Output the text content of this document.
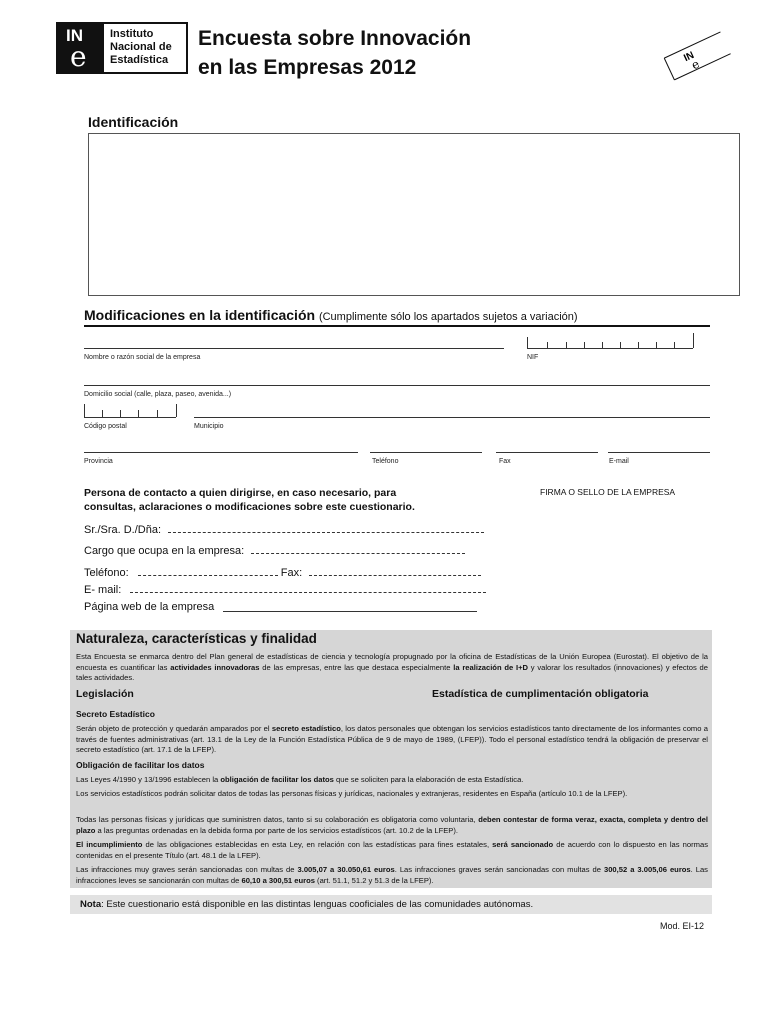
IN
e
Instituto
Nacional de
Estadística
Encuesta sobre Innovación
en las Empresas 2012	IN
e
Identificación
Modificaciones en la identificación (Cumplimente sólo los apartados sujetos a variación)
Nombre o razón social de la empresa	NIF
Domicilio social (calle, plaza, paseo, avenida...)
Código postal	Municipio
Provincia	Teléfono	Fax	E-mail
Persona de contacto a quien dirigirse, en caso necesario, para
consultas, aclaraciones o modificaciones sobre este cuestionario.
FIRMA O SELLO DE LA EMPRESA
Sr./Sra. D./Dña:
Cargo que ocupa en la empresa:
Teléfono:	Fax:
E- mail:
Página web de la empresa
Naturaleza, características y finalidad
Esta Encuesta se enmarca dentro del Plan general de estadísticas de ciencia y tecnología propugnado por la oficina de Estadísticas de la Unión Europea (Eurostat). El objetivo de la encuesta es cuantificar las actividades innovadoras de las empresas, entre las que destaca especialmente la realización de I+D y valorar los resultados (innovaciones) y efectos de tales actividades.
Legislación	Estadística de cumplimentación obligatoria
Secreto Estadístico
Serán objeto de protección y quedarán amparados por el secreto estadístico, los datos personales que obtengan los servicios estadísticos tanto directamente de los informantes como a través de fuentes administrativas (art. 13.1 de la Ley de la Función Estadística Pública de 9 de mayo de 1989, (LFEP)). Todo el personal estadístico tendrá la obligación de preservar el secreto estadístico (art. 17.1 de la LFEP).
Obligación de facilitar los datos
Las Leyes 4/1990 y 13/1996 establecen la obligación de facilitar los datos que se soliciten para la elaboración de esta Estadística.
Los servicios estadísticos podrán solicitar datos de todas las personas físicas y jurídicas, nacionales y extranjeras, residentes en España (artículo 10.1 de la LFEP).
Todas las personas físicas y jurídicas que suministren datos, tanto si su colaboración es obligatoria como voluntaria, deben contestar de forma veraz, exacta, completa y dentro del plazo a las preguntas ordenadas en la debida forma por parte de los servicios estadísticos (art. 10.2 de la LFEP).
El incumplimiento de las obligaciones establecidas en esta Ley, en relación con las estadísticas para fines estatales, será sancionado de acuerdo con lo dispuesto en las normas contenidas en el presente Título (art. 48.1 de la LFEP).
Las infracciones muy graves serán sancionadas con multas de 3.005,07 a 30.050,61 euros. Las infracciones graves serán sancionadas con multas de 300,52 a 3.005,06 euros. Las infracciones leves se sancionarán con multas de 60,10 a 300,51 euros (art. 51.1, 51.2 y 51.3 de la LFEP).
Nota: Este cuestionario está disponible en las distintas lenguas cooficiales de las comunidades autónomas.
Mod. EI-12
